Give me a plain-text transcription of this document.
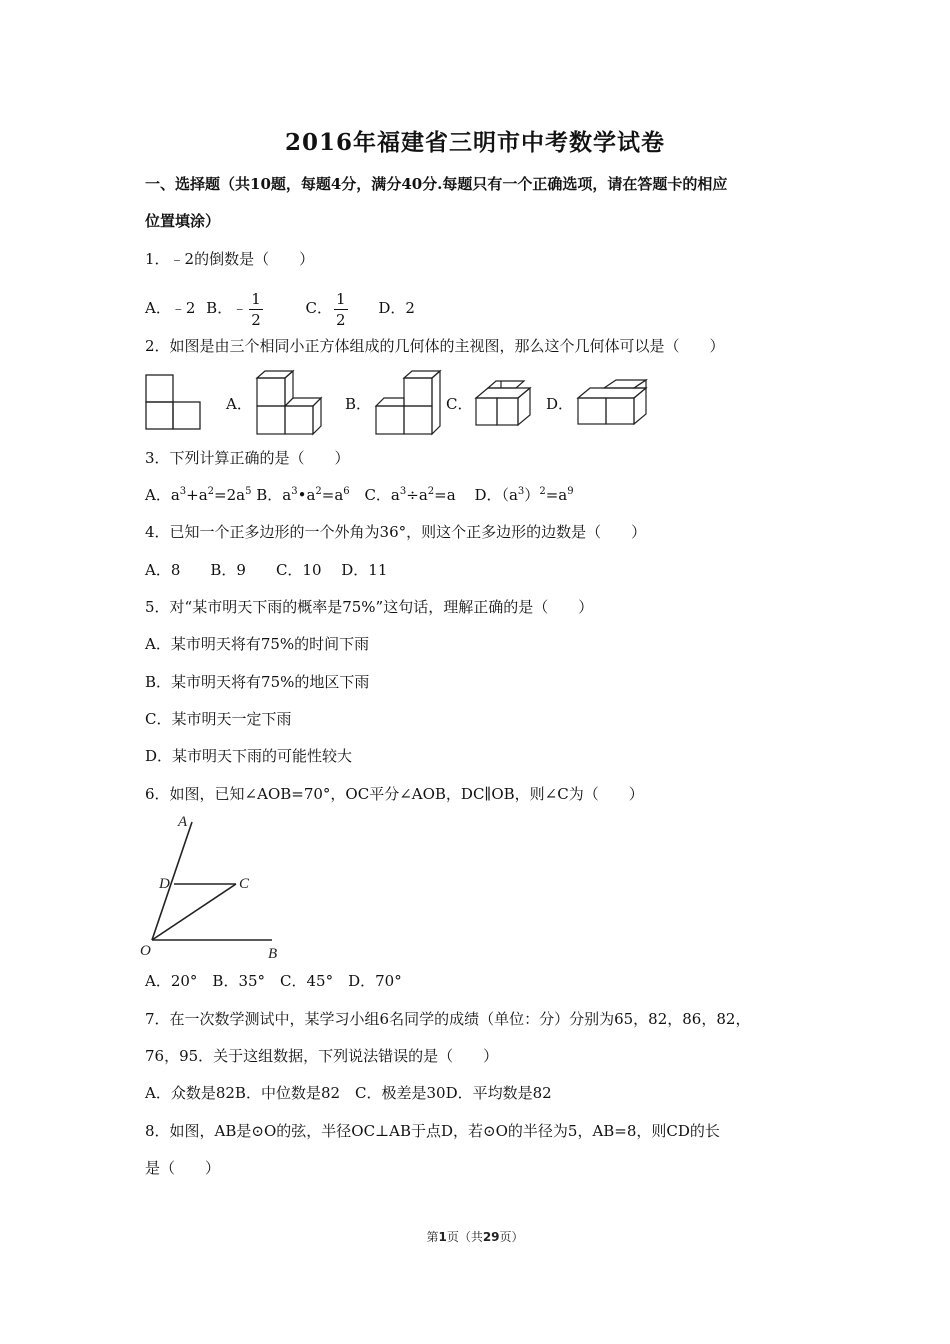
2016年福建省三明市中考数学试卷
一、选择题（共10题，每题4分，满分40分.每题只有一个正确选项，请在答题卡的相应
位置填涂）
1．﹣2的倒数是（　　）
A．﹣2 B．﹣ $\frac{1}{2}$	C． $\frac{1}{2}$ D．2
2．如图是由三个相同小正方体组成的几何体的主视图，那么这个几何体可以是（　　）
A．	B．	C．	D．
3．下列计算正确的是（　　）
A．$a^3+a^2=2a^5$ B．$a^3•a^2=a^6$ C．$a^3\div a^2=a$ D．$(a^3)^2=a^9$
4．已知一个正多边形的一个外角为36°，则这个正多边形的边数是（　　）
A．8　　B．9　　C．10　 D．11
5．对“某市明天下雨的概率是75%”这句话，理解正确的是（　　）
A．某市明天将有75%的时间下雨
B．某市明天将有75%的地区下雨
C．某市明天一定下雨
D．某市明天下雨的可能性较大
6．如图，已知∠AOB=70°，OC平分∠AOB，DC∥OB，则∠C为（　　）
A
D	C
O	B
A．20°　B．35°　C．45°　D．70°
7．在一次数学测试中，某学习小组6名同学的成绩（单位：分）分别为65，82，86，82，
76，95．关于这组数据，下列说法错误的是（　　）
A．众数是82B．中位数是82　C．极差是30D．平均数是82
8．如图，AB是⊙O的弦，半径OC⊥AB于点D，若⊙O的半径为5，AB=8，则CD的长
是（　　）
第1页（共29页）
